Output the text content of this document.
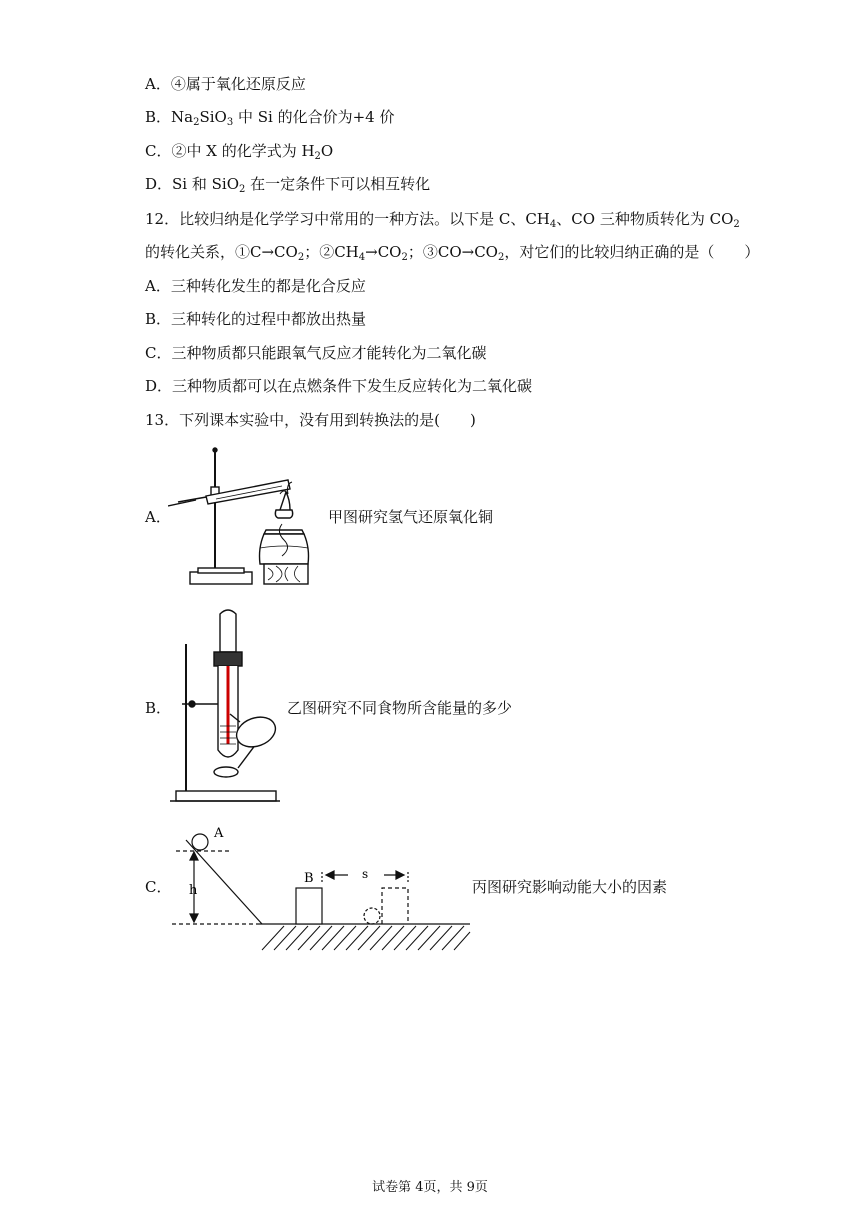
A．④属于氧化还原反应
B．$Na_2SiO_3$ 中 Si 的化合价为+4 价
C．②中 X 的化学式为 $H_2O$
D．Si 和 SiO$_2$ 在一定条件下可以相互转化
12．比较归纳是化学学习中常用的一种方法。以下是 C、$CH_4$、CO 三种物质转化为 $CO_2$
的转化关系，$①C\to CO_2$；$②CH_4\to CO_2$；$③CO\to CO_2$，对它们的比较归纳正确的是（　　）
A．三种转化发生的都是化合反应
B．三种转化的过程中都放出热量
C．三种物质都只能跟氧气反应才能转化为二氧化碳
D．三种物质都可以在点燃条件下发生反应转化为二氧化碳
13．下列课本实验中，没有用到转换法的是(　　)
A．	甲图研究氢气还原氧化铜
B．	乙图研究不同食物所含能量的多少
C．
A
h
B	s
丙图研究影响动能大小的因素
试卷第 4页，共 9页
